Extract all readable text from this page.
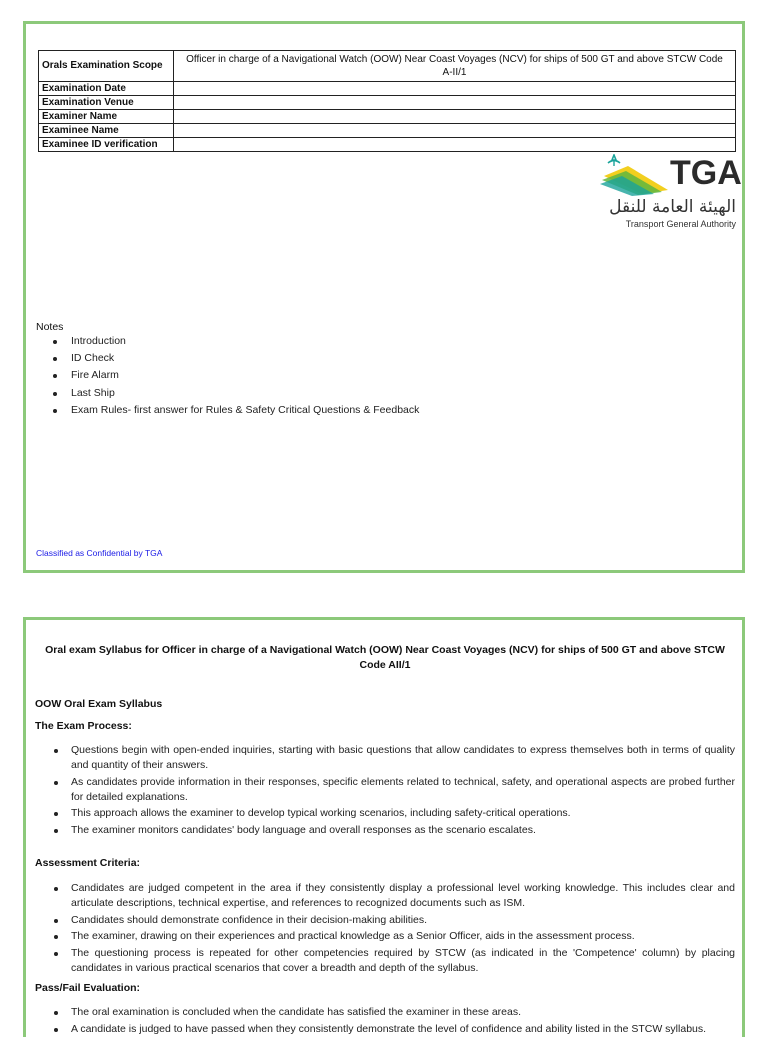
Orals Examination Scope	Officer in charge of a Navigational Watch (OOW) Near Coast Voyages (NCV) for ships of 500 GT and above STCW Code A-II/1
Examination Date	
Examination Venue	
Examiner Name	
Examinee Name	
Examinee ID verification	
TGA
الهيئة العامة للنقل
Transport General Authority
Notes
Introduction
ID Check
Fire Alarm
Last Ship
Exam Rules- first answer for Rules & Safety Critical Questions & Feedback
Classified as Confidential by TGA
Oral exam Syllabus for Officer in charge of a Navigational Watch (OOW) Near Coast Voyages (NCV) for ships of 500 GT and above STCW Code AII/1
OOW Oral Exam Syllabus
The Exam Process:
Questions begin with open-ended inquiries, starting with basic questions that allow candidates to express themselves both in terms of quality and quantity of their answers.
As candidates provide information in their responses, specific elements related to technical, safety, and operational aspects are probed further for detailed explanations.
This approach allows the examiner to develop typical working scenarios, including safety-critical operations.
The examiner monitors candidates' body language and overall responses as the scenario escalates.
Assessment Criteria:
Candidates are judged competent in the area if they consistently display a professional level working knowledge. This includes clear and articulate descriptions, technical expertise, and references to recognized documents such as ISM.
Candidates should demonstrate confidence in their decision-making abilities.
The examiner, drawing on their experiences and practical knowledge as a Senior Officer, aids in the assessment process.
The questioning process is repeated for other competencies required by STCW (as indicated in the 'Competence' column) by placing candidates in various practical scenarios that cover a breadth and depth of the syllabus.
Pass/Fail Evaluation:
The oral examination is concluded when the candidate has satisfied the examiner in these areas.
A candidate is judged to have passed when they consistently demonstrate the level of confidence and ability listed in the STCW syllabus.
